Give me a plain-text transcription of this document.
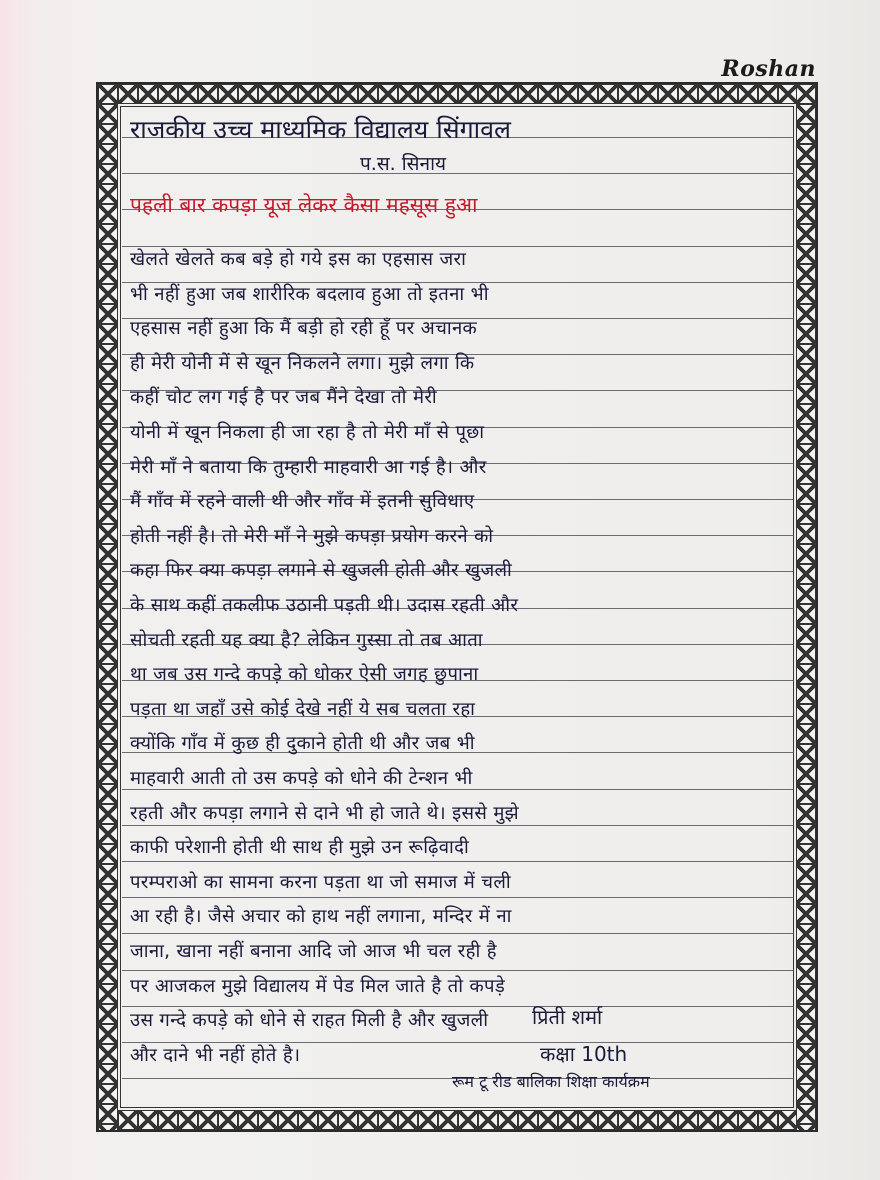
Roshan
राजकीय उच्च माध्यमिक विद्यालय सिंगावल
प.स. सिनाय
पहली बार कपड़ा यूज लेकर कैसा महसूस हुआ
खेलते खेलते कब बड़े हो गये इस का एहसास जरा
भी नहीं हुआ जब शारीरिक बदलाव हुआ तो इतना भी
एहसास नहीं हुआ कि मैं बड़ी हो रही हूँ पर अचानक
ही मेरी योनी में से खून निकलने लगा। मुझे लगा कि
कहीं चोट लग गई है पर जब मैंने देखा तो मेरी
योनी में खून निकला ही जा रहा है तो मेरी माँ से पूछा
मेरी माँ ने बताया कि तुम्हारी माहवारी आ गई है। और
मैं गाँव में रहने वाली थी और गाँव में इतनी सुविधाए
होती नहीं है। तो मेरी माँ ने मुझे कपड़ा प्रयोग करने को
कहा फिर क्या कपड़ा लगाने से खुजली होती और खुजली
के साथ कहीं तकलीफ उठानी पड़ती थी। उदास रहती और
सोचती रहती यह क्या है? लेकिन गुस्सा तो तब आता
था जब उस गन्दे कपड़े को धोकर ऐसी जगह छुपाना
पड़ता था जहाँ उसे कोई देखे नहीं ये सब चलता रहा
क्योंकि गाँव में कुछ ही दुकाने होती थी और जब भी
माहवारी आती तो उस कपड़े को धोने की टेन्शन भी
रहती और कपड़ा लगाने से दाने भी हो जाते थे। इससे मुझे
काफी परेशानी होती थी साथ ही मुझे उन रूढ़िवादी
परम्पराओ का सामना करना पड़ता था जो समाज में चली
आ रही है। जैसे अचार को हाथ नहीं लगाना, मन्दिर में ना
जाना, खाना नहीं बनाना आदि जो आज भी चल रही है
पर आजकल मुझे विद्यालय में पेड मिल जाते है तो कपड़े
उस गन्दे कपड़े को धोने से राहत मिली है और खुजली
और दाने भी नहीं होते है।
प्रिती शर्मा
कक्षा 10th
रूम टू रीड बालिका शिक्षा कार्यक्रम
